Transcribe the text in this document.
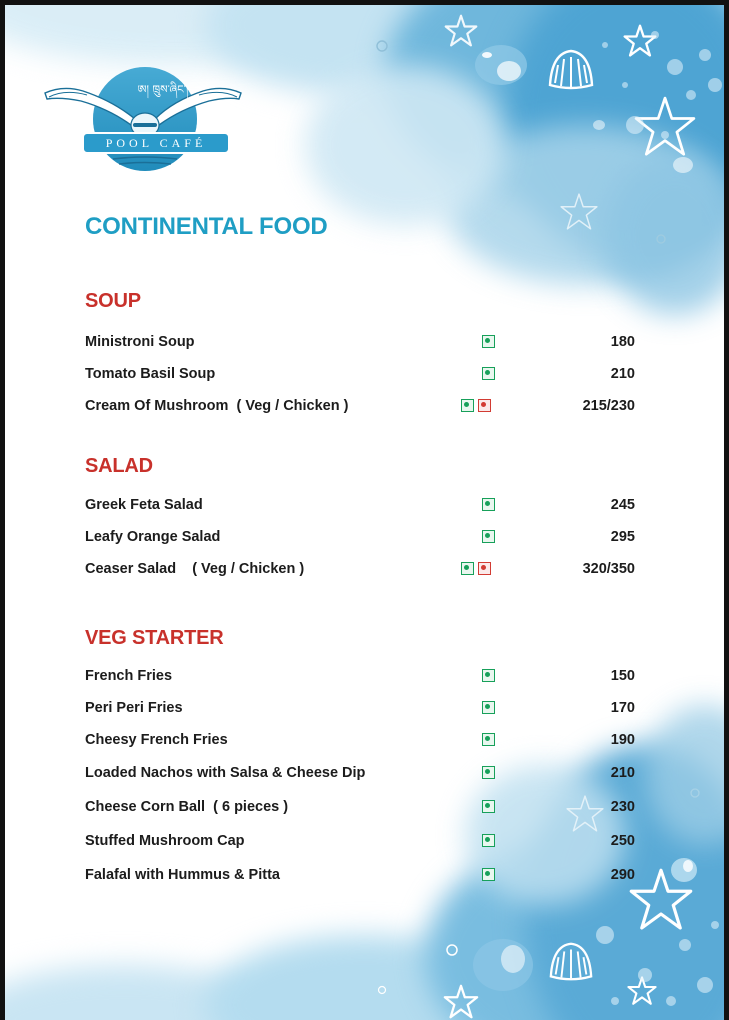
ཨ། ཁྲུས་ཞིང་།
POOL CAFÉ
CONTINENTAL FOOD
SOUP
Ministroni Soup	180
Tomato Basil Soup	210
Cream Of Mushroom  ( Veg / Chicken )	215/230
SALAD
Greek Feta Salad	245
Leafy Orange Salad	295
Ceaser Salad    ( Veg / Chicken )	320/350
VEG STARTER
French Fries	150
Peri Peri Fries	170
Cheesy French Fries	190
Loaded Nachos with Salsa & Cheese Dip	210
Cheese Corn Ball  ( 6 pieces )	230
Stuffed Mushroom Cap	250
Falafal with Hummus & Pitta	290
